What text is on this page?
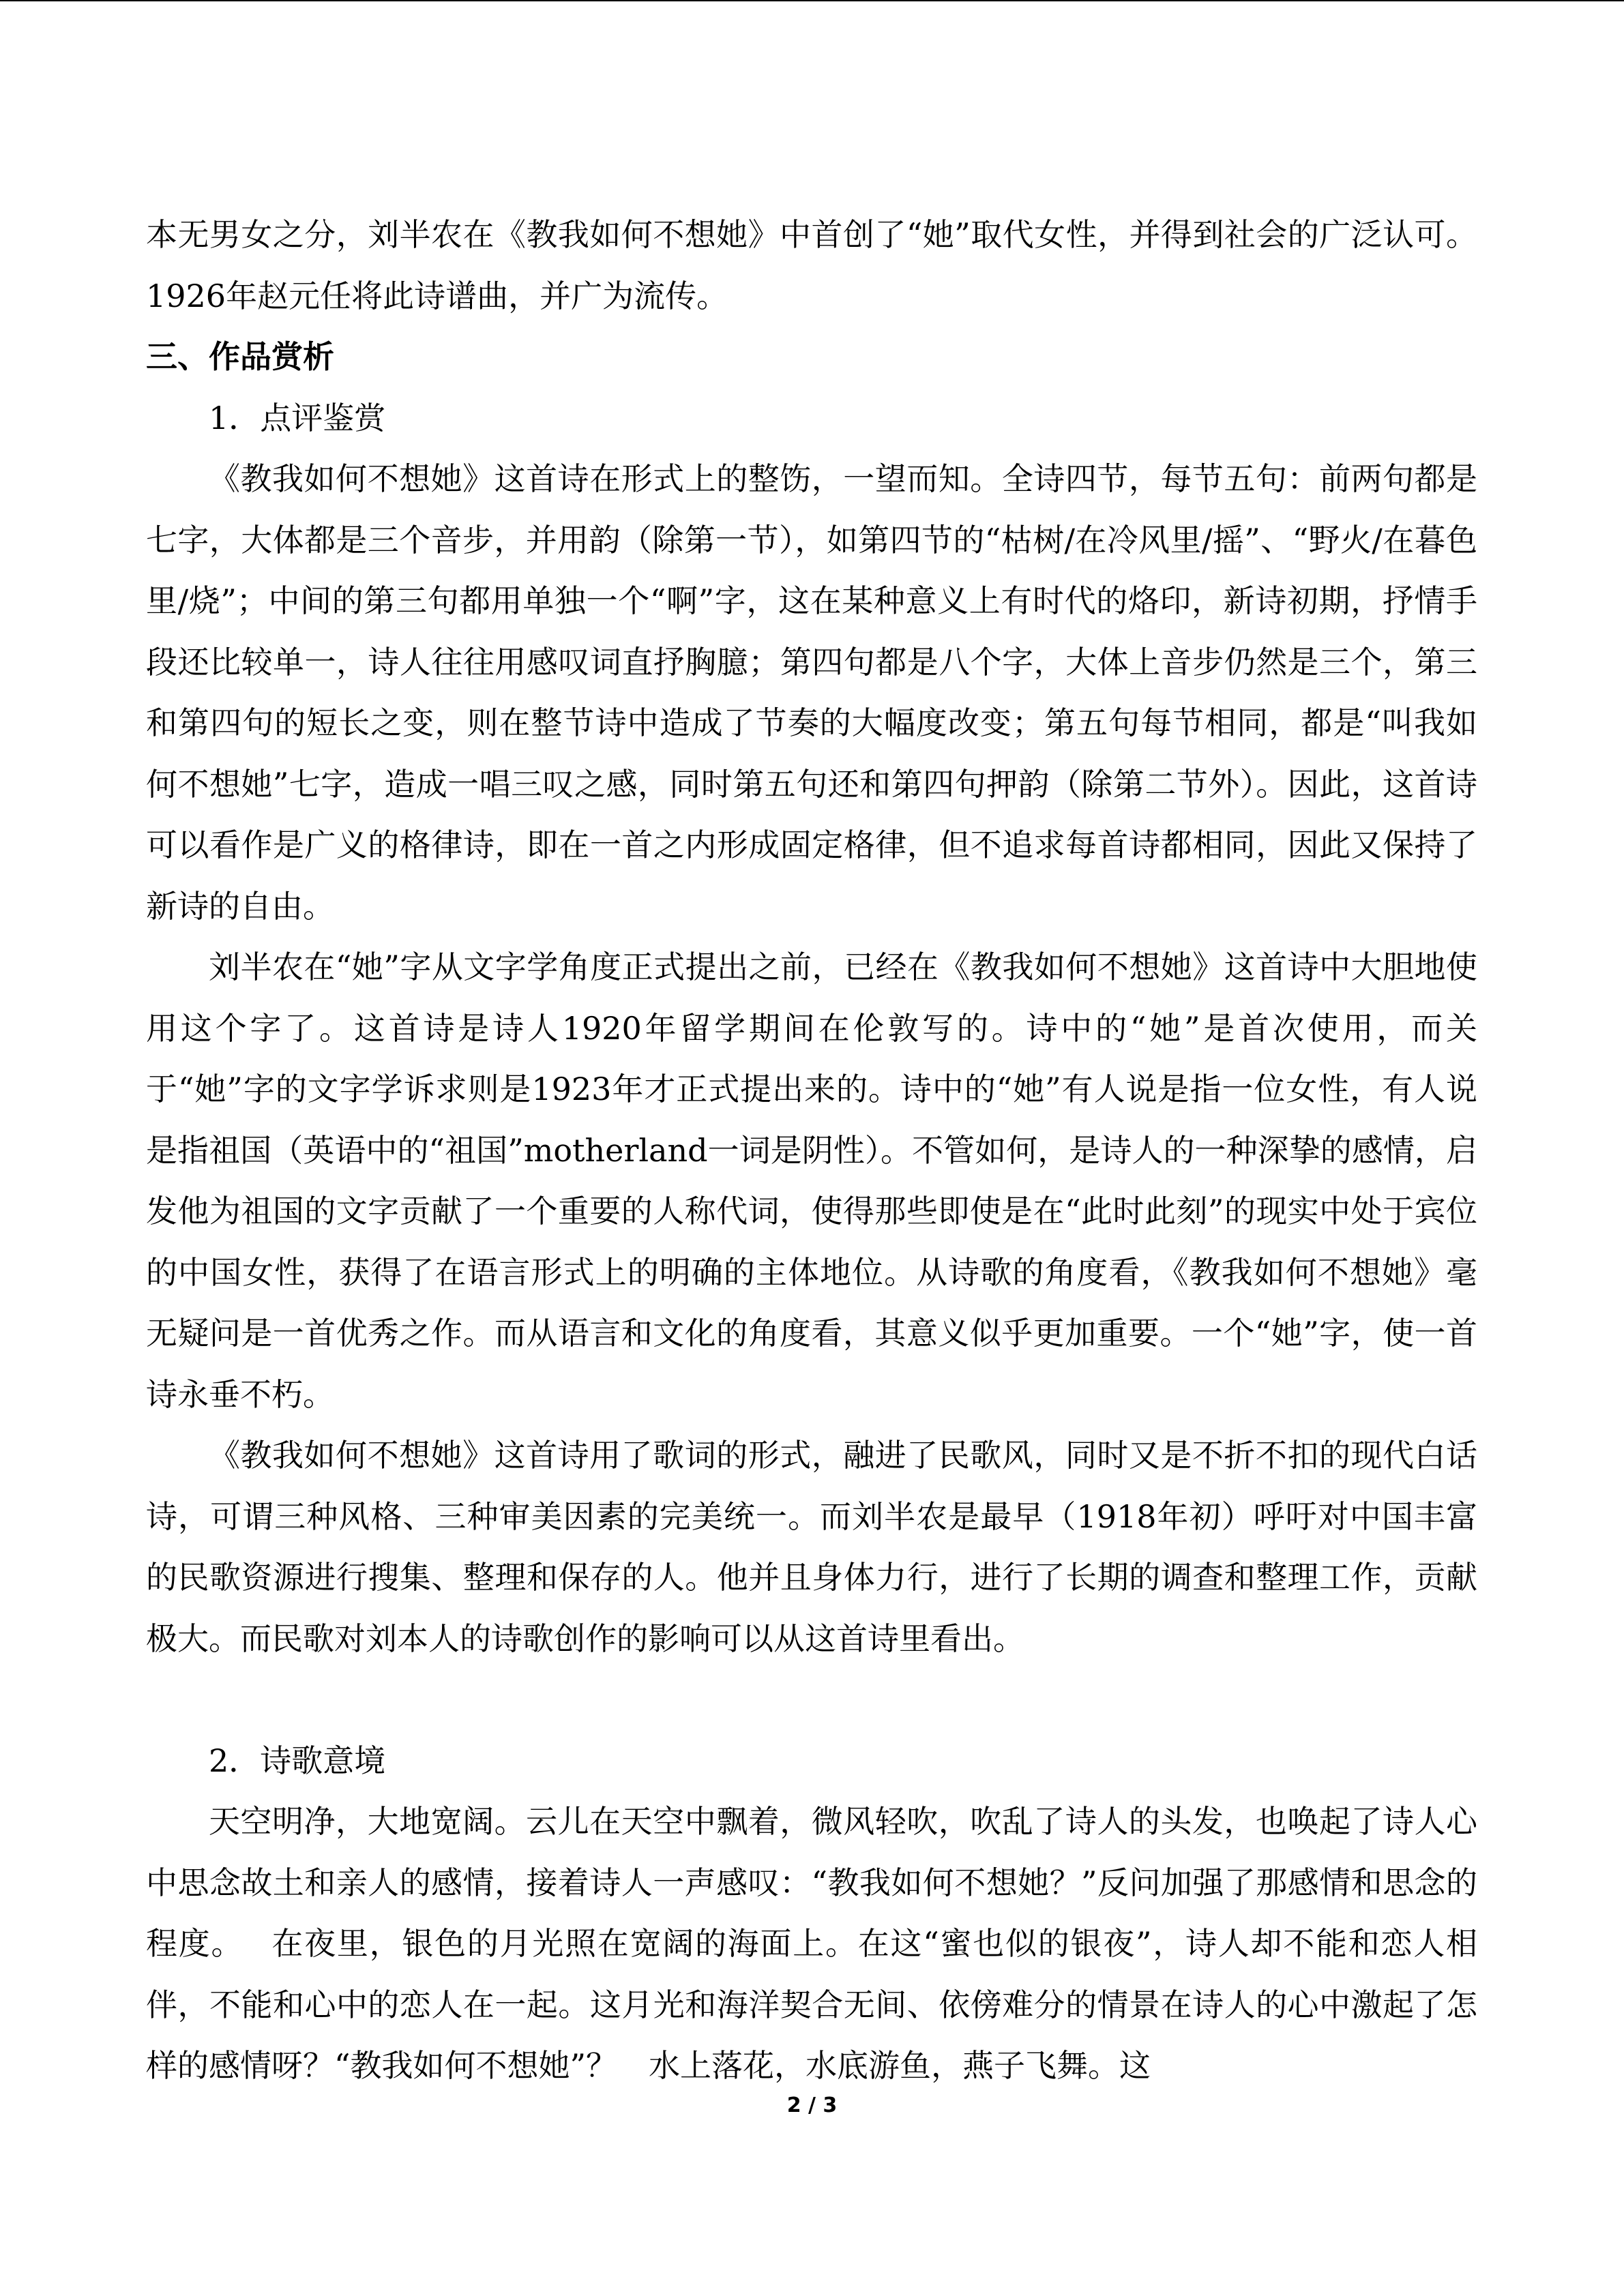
本无男女之分，刘半农在《教我如何不想她》中首创了“她”取代女性，并得到社会的广泛认可。1926年赵元任将此诗谱曲，并广为流传。

三、作品赏析

1．点评鉴赏

《教我如何不想她》这首诗在形式上的整饬，一望而知。全诗四节，每节五句：前两句都是七字，大体都是三个音步，并用韵（除第一节），如第四节的“枯树/在冷风里/摇”、“野火/在暮色里/烧”；中间的第三句都用单独一个“啊”字，这在某种意义上有时代的烙印，新诗初期，抒情手段还比较单一，诗人往往用感叹词直抒胸臆；第四句都是八个字，大体上音步仍然是三个，第三和第四句的短长之变，则在整节诗中造成了节奏的大幅度改变；第五句每节相同，都是“叫我如何不想她”七字，造成一唱三叹之感，同时第五句还和第四句押韵（除第二节外）。因此，这首诗可以看作是广义的格律诗，即在一首之内形成固定格律，但不追求每首诗都相同，因此又保持了新诗的自由。

刘半农在“她”字从文字学角度正式提出之前，已经在《教我如何不想她》这首诗中大胆地使用这个字了。这首诗是诗人1920年留学期间在伦敦写的。诗中的“她”是首次使用，而关于“她”字的文字学诉求则是1923年才正式提出来的。诗中的“她”有人说是指一位女性，有人说是指祖国（英语中的“祖国”motherland一词是阴性）。不管如何，是诗人的一种深挚的感情，启发他为祖国的文字贡献了一个重要的人称代词，使得那些即使是在“此时此刻”的现实中处于宾位的中国女性，获得了在语言形式上的明确的主体地位。从诗歌的角度看，《教我如何不想她》毫无疑问是一首优秀之作。而从语言和文化的角度看，其意义似乎更加重要。一个“她”字，使一首诗永垂不朽。

《教我如何不想她》这首诗用了歌词的形式，融进了民歌风，同时又是不折不扣的现代白话诗，可谓三种风格、三种审美因素的完美统一。而刘半农是最早（1918年初）呼吁对中国丰富的民歌资源进行搜集、整理和保存的人。他并且身体力行，进行了长期的调查和整理工作，贡献极大。而民歌对刘本人的诗歌创作的影响可以从这首诗里看出。

2．诗歌意境

天空明净，大地宽阔。云儿在天空中飘着，微风轻吹，吹乱了诗人的头发，也唤起了诗人心中思念故土和亲人的感情，接着诗人一声感叹：“教我如何不想她？”反问加强了那感情和思念的程度。　 在夜里，银色的月光照在宽阔的海面上。在这“蜜也似的银夜”，诗人却不能和恋人相伴，不能和心中的恋人在一起。这月光和海洋契合无间、依傍难分的情景在诗人的心中激起了怎样的感情呀？“教我如何不想她”？　水上落花，水底游鱼，燕子飞舞。这

2 / 3
